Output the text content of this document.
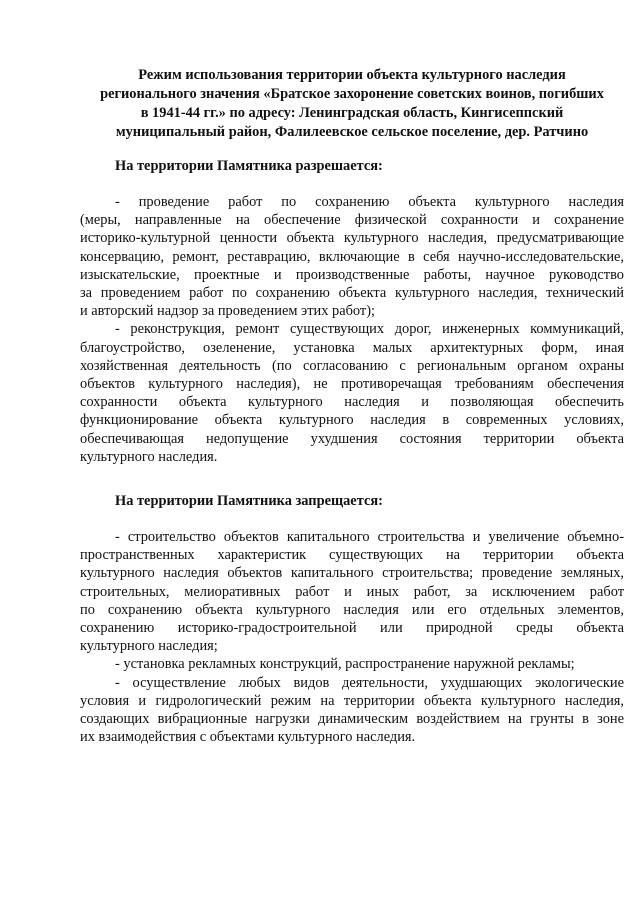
Режим использования территории объекта культурного наследия
регионального значения «Братское захоронение советских воинов, погибших
в 1941-44 гг.» по адресу: Ленинградская область, Кингисеппский
муниципальный район, Фалилеевское сельское поселение, дер. Ратчино
На территории Памятника разрешается:
- проведение работ по сохранению объекта культурного наследия
(меры, направленные на обеспечение физической сохранности и сохранение
историко-культурной ценности объекта культурного наследия, предусматривающие
консервацию, ремонт, реставрацию, включающие в себя научно-исследовательские,
изыскательские, проектные и производственные работы, научное руководство
за проведением работ по сохранению объекта культурного наследия, технический
и авторский надзор за проведением этих работ);
- реконструкция, ремонт существующих дорог, инженерных коммуникаций,
благоустройство, озеленение, установка малых архитектурных форм, иная
хозяйственная деятельность (по согласованию с региональным органом охраны
объектов культурного наследия), не противоречащая требованиям обеспечения
сохранности объекта культурного наследия и позволяющая обеспечить
функционирование объекта культурного наследия в современных условиях,
обеспечивающая недопущение ухудшения состояния территории объекта
культурного наследия.
На территории Памятника запрещается:
- строительство объектов капитального строительства и увеличение объемно-
пространственных характеристик существующих на территории объекта
культурного наследия объектов капитального строительства; проведение земляных,
строительных, мелиоративных работ и иных работ, за исключением работ
по сохранению объекта культурного наследия или его отдельных элементов,
сохранению историко-градостроительной или природной среды объекта
культурного наследия;
- установка рекламных конструкций, распространение наружной рекламы;
- осуществление любых видов деятельности, ухудшающих экологические
условия и гидрологический режим на территории объекта культурного наследия,
создающих вибрационные нагрузки динамическим воздействием на грунты в зоне
их взаимодействия с объектами культурного наследия.
